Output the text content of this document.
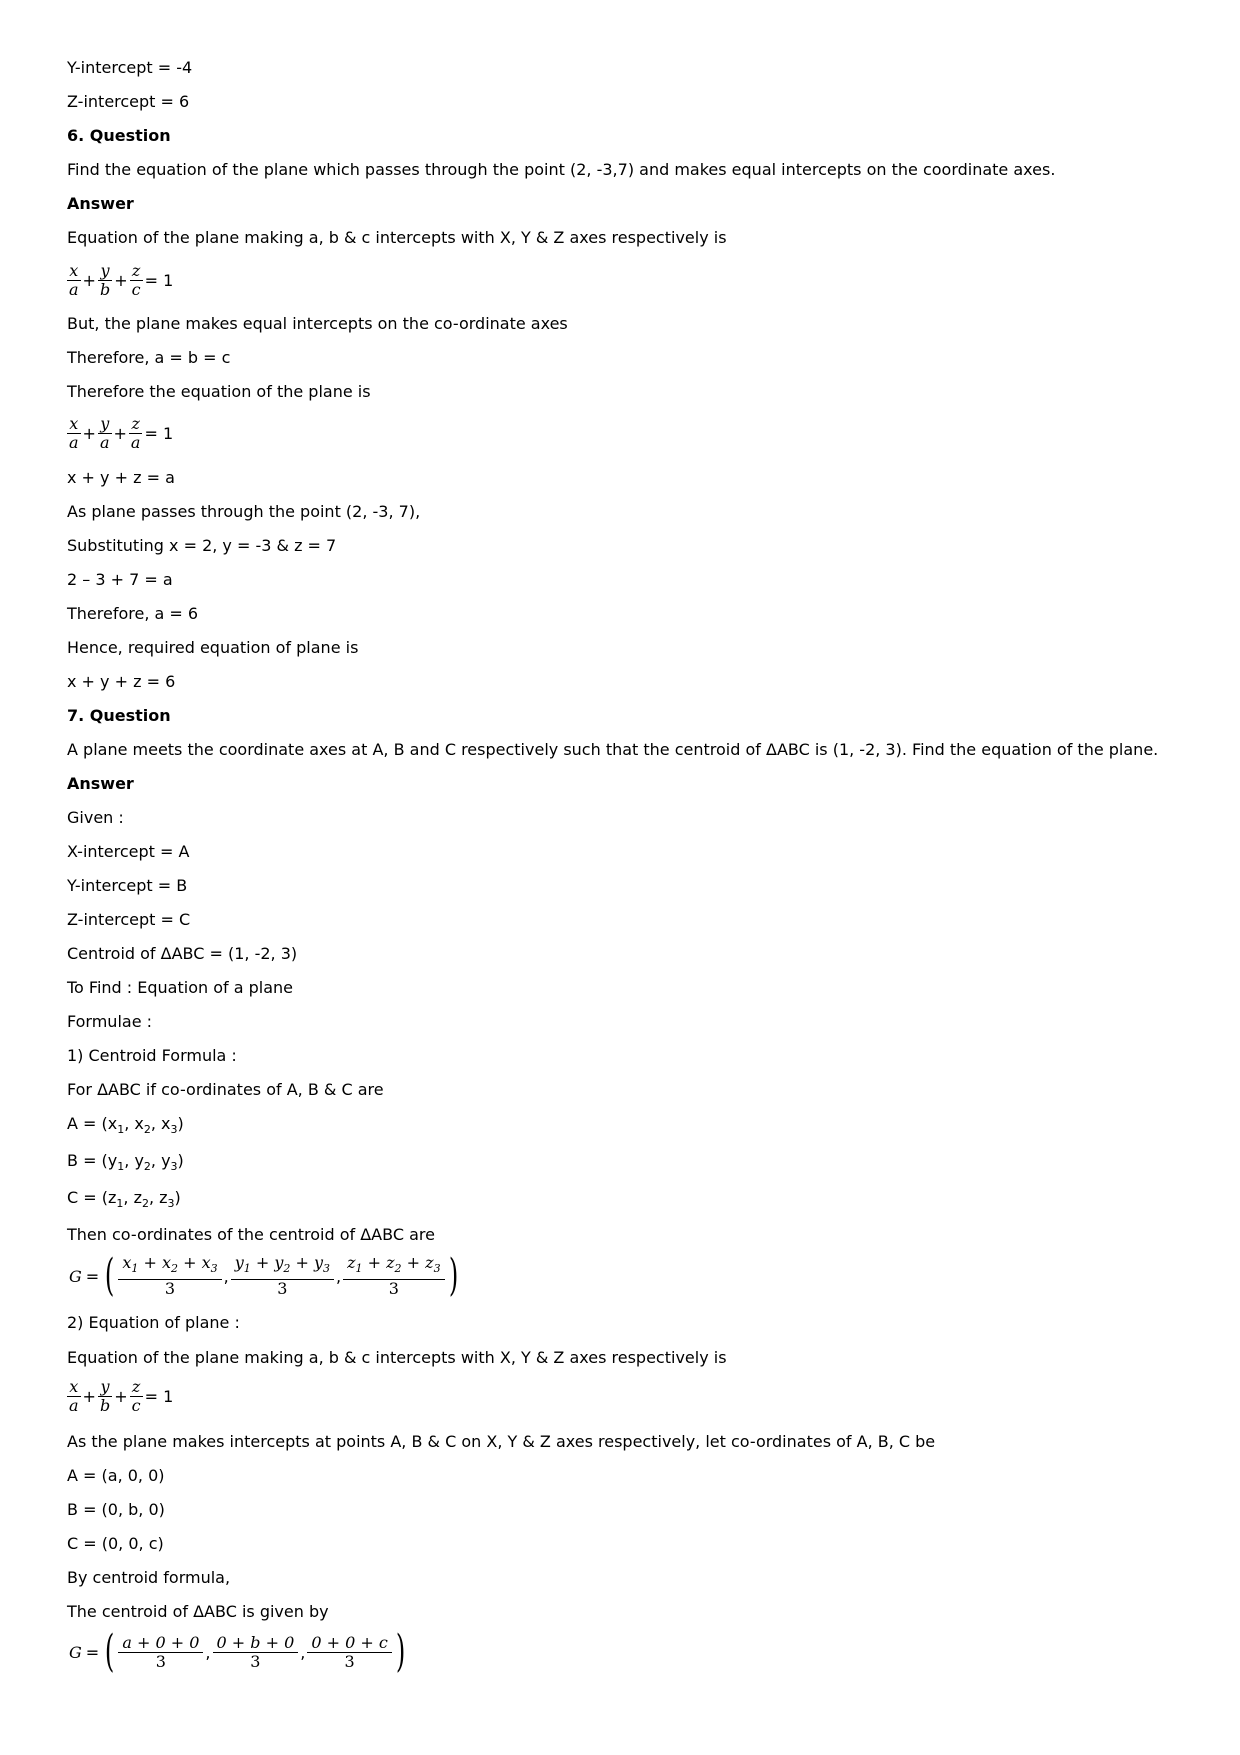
Y-intercept = -4
Z-intercept = 6
6. Question
Find the equation of the plane which passes through the point (2, -3,7) and makes equal intercepts on the coordinate axes.
Answer
Equation of the plane making a, b & c intercepts with X, Y & Z axes respectively is
$\frac{x}{a} + \frac{y}{b} + \frac{z}{c} = 1$
But, the plane makes equal intercepts on the co-ordinate axes
Therefore, a = b = c
Therefore the equation of the plane is
$\frac{x}{a} + \frac{y}{a} + \frac{z}{a} = 1$
x + y + z = a
As plane passes through the point (2, -3, 7),
Substituting x = 2, y = -3 & z = 7
2 – 3 + 7 = a
Therefore, a = 6
Hence, required equation of plane is
x + y + z = 6
7. Question
A plane meets the coordinate axes at A, B and C respectively such that the centroid of ΔABC is (1, -2, 3). Find the equation of the plane.
Answer
Given :
X-intercept = A
Y-intercept = B
Z-intercept = C
Centroid of ΔABC = (1, -2, 3)
To Find : Equation of a plane
Formulae :
1) Centroid Formula :
For ΔABC if co-ordinates of A, B & C are
$A = (x_1$, $x_2$, $x_3$)
$B = (y_1$, $y_2$, $y_3$)
$C = (z_1$, $z_2$, $z_3$)
Then co-ordinates of the centroid of ΔABC are
G = ( $\frac{x_1 + x_2 + x_3}{3}$ , $\frac{y_1 + y_2 + y_3}{3}$ , $\frac{z_1 + z_2 + z_3}{3}$ )
2) Equation of plane :
Equation of the plane making a, b & c intercepts with X, Y & Z axes respectively is
$\frac{x}{a} + \frac{y}{b} + \frac{z}{c} = 1$
As the plane makes intercepts at points A, B & C on X, Y & Z axes respectively, let co-ordinates of A, B, C be
A = (a, 0, 0)
B = (0, b, 0)
C = (0, 0, c)
By centroid formula,
The centroid of ΔABC is given by
G = ( $\frac{a + 0 + 0}{3}$ , $\frac{0 + b + 0}{3}$ , $\frac{0 + 0 + c}{3}$ )
